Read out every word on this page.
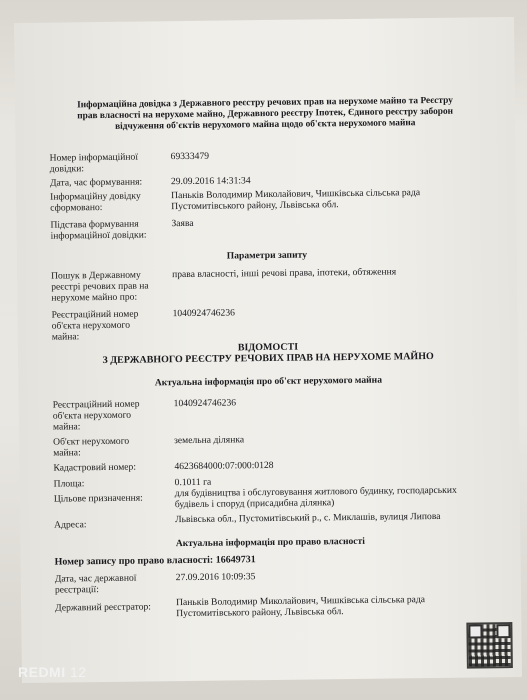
Інформаційна довідка з Державного реєстру речових прав на нерухоме майно та Реєстру
прав власності на нерухоме майно, Державного реєстру Іпотек, Єдиного реєстру заборон
відчуження об'єктів нерухомого майна щодо об'єкта нерухомого майна
Номер інформаційної
довідки:
69333479
Дата, час формування:	29.09.2016 14:31:34
Інформаційну довідку
сформовано:
Паньків Володимир Миколайович, Чишківська сільська рада
Пустомитівського району, Львівська обл.
Підстава формування
інформаційної довідки:
Заява
Параметри запиту
Пошук в Державному
реєстрі речових прав на
нерухоме майно про:
права власності, інші речові права, іпотеки, обтяження
Реєстраційний номер
об'єкта нерухомого
майна:
1040924746236
ВІДОМОСТІ
З ДЕРЖАВНОГО РЕЄСТРУ РЕЧОВИХ ПРАВ НА НЕРУХОМЕ МАЙНО
Актуальна інформація про об'єкт нерухомого майна
Реєстраційний номер
об'єкта нерухомого
майна:
1040924746236
Об'єкт нерухомого
майна:
земельна ділянка
Кадастровий номер:	4623684000:07:000:0128
Площа:	0.1011 га
Цільове призначення:	для будівництва і обслуговування житлового будинку, господарських
будівель і споруд (присадибна ділянка)
Адреса:	Львівська обл., Пустомитівський р., с. Миклашів, вулиця Липова
Актуальна інформація про право власності
Номер запису про право власності: 16649731
Дата, час державної
реєстрації:
27.09.2016 10:09:35
Державний реєстратор:	Паньків Володимир Миколайович, Чишківська сільська рада
Пустомитівського району, Львівська обл.
REDMI 12
